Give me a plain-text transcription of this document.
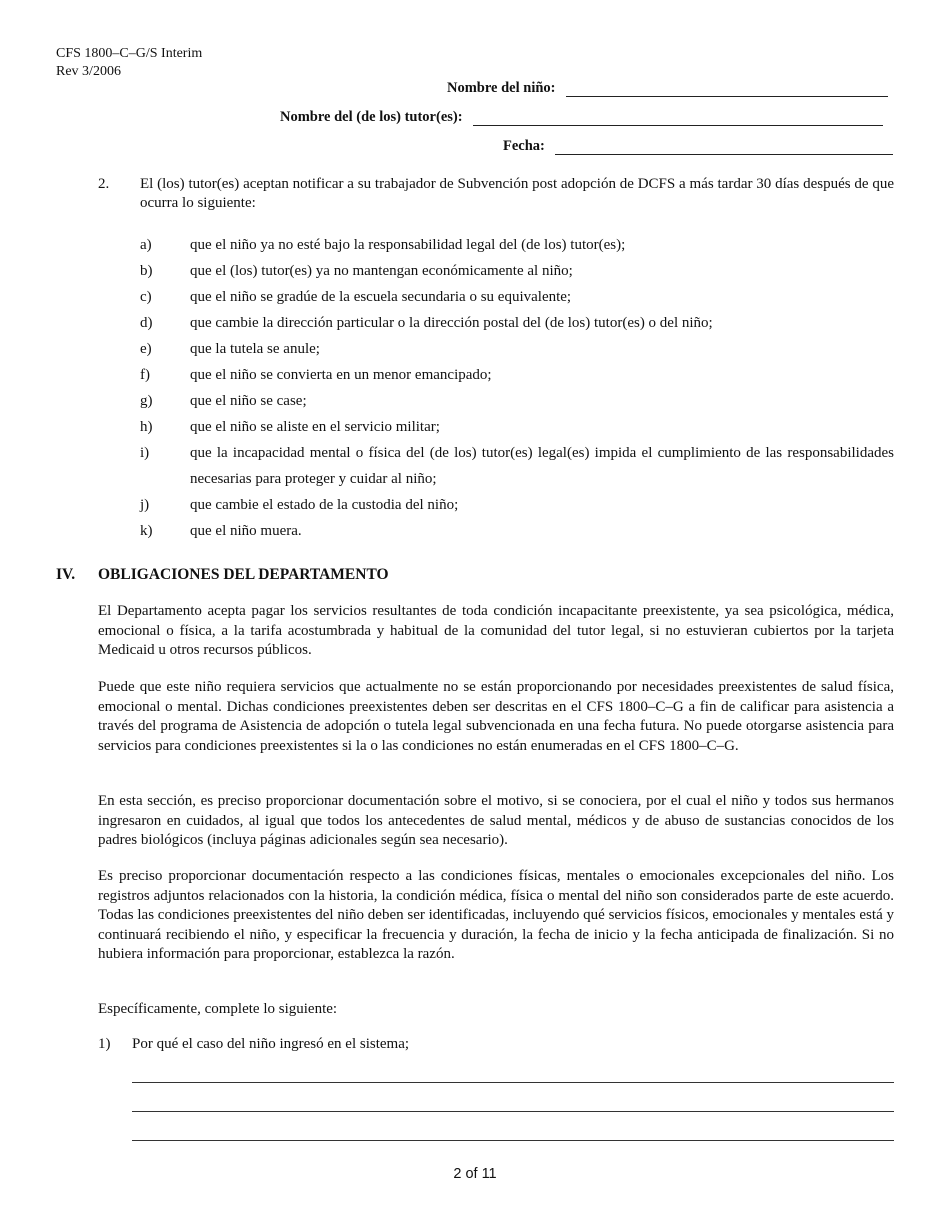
CFS 1800–C–G/S Interim
Rev 3/2006
Nombre del niño:
Nombre del (de los) tutor(es):
Fecha:
2. El (los) tutor(es) aceptan notificar a su trabajador de Subvención post adopción de DCFS a más tardar 30 días después de que ocurra lo siguiente:
a)	que el niño ya no esté bajo la responsabilidad legal del (de los) tutor(es);
b)	que el (los) tutor(es) ya no mantengan económicamente al niño;
c)	que el niño se gradúe de la escuela secundaria o su equivalente;
d)	que cambie la dirección particular o la dirección postal del (de los) tutor(es) o del niño;
e)	que la tutela se anule;
f)	que el niño se convierta en un menor emancipado;
g)	que el niño se case;
h)	que el niño se aliste en el servicio militar;
i)	que la incapacidad mental o física del (de los) tutor(es) legal(es) impida el cumplimiento de las responsabilidades necesarias para proteger y cuidar al niño;
j)	que cambie el estado de la custodia del niño;
k)	que el niño muera.
IV. OBLIGACIONES DEL DEPARTAMENTO
El Departamento acepta pagar los servicios resultantes de toda condición incapacitante preexistente, ya sea psicológica, médica, emocional o física, a la tarifa acostumbrada y habitual de la comunidad del tutor legal, si no estuvieran cubiertos por la tarjeta Medicaid u otros recursos públicos.
Puede que este niño requiera servicios que actualmente no se están proporcionando por necesidades preexistentes de salud física, emocional o mental. Dichas condiciones preexistentes deben ser descritas en el CFS 1800–C–G a fin de calificar para asistencia a través del programa de Asistencia de adopción o tutela legal subvencionada en una fecha futura. No puede otorgarse asistencia para servicios para condiciones preexistentes si la o las condiciones no están enumeradas en el CFS 1800–C–G.
En esta sección, es preciso proporcionar documentación sobre el motivo, si se conociera, por el cual el niño y todos sus hermanos ingresaron en cuidados, al igual que todos los antecedentes de salud mental, médicos y de abuso de sustancias conocidos de los padres biológicos (incluya páginas adicionales según sea necesario).
Es preciso proporcionar documentación respecto a las condiciones físicas, mentales o emocionales excepcionales del niño. Los registros adjuntos relacionados con la historia, la condición médica, física o mental del niño son considerados parte de este acuerdo. Todas las condiciones preexistentes del niño deben ser identificadas, incluyendo qué servicios físicos, emocionales y mentales está y continuará recibiendo el niño, y especificar la frecuencia y duración, la fecha de inicio y la fecha anticipada de finalización. Si no hubiera información para proporcionar, establezca la razón.
Específicamente, complete lo siguiente:
1) Por qué el caso del niño ingresó en el sistema;
2 of 11
